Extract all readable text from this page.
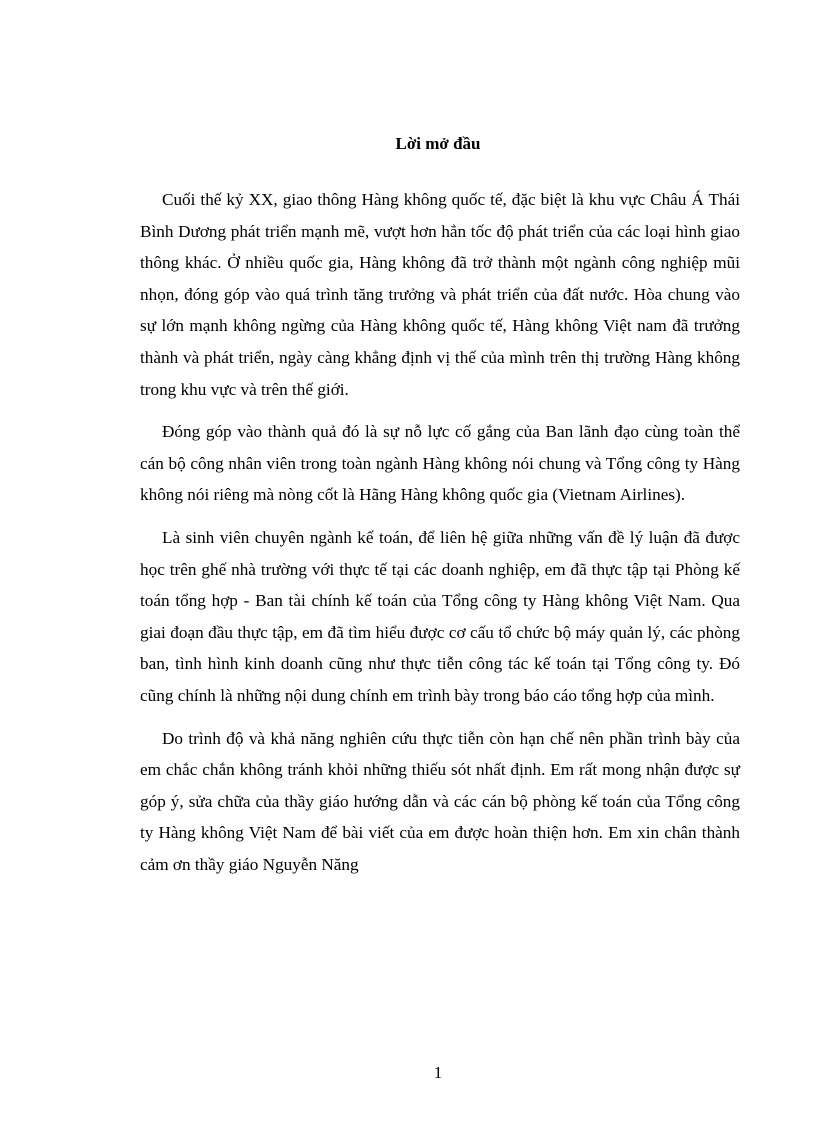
Lời mở đầu

Cuối thế kỷ XX, giao thông Hàng không quốc tế, đặc biệt là khu vực Châu Á Thái Bình Dương phát triển mạnh mẽ, vượt hơn hẳn tốc độ phát triển của các loại hình giao thông khác. Ở nhiều quốc gia, Hàng không đã trở thành một ngành công nghiệp mũi nhọn, đóng góp vào quá trình tăng trưởng và phát triển của đất nước. Hòa chung vào sự lớn mạnh không ngừng của Hàng không quốc tế, Hàng không Việt nam đã trưởng thành và phát triển, ngày càng khẳng định vị thế của mình trên thị trường Hàng không trong khu vực và trên thế giới.

Đóng góp vào thành quả đó là sự nỗ lực cố gắng của Ban lãnh đạo cùng toàn thể cán bộ công nhân viên trong toàn ngành Hàng không nói chung và Tổng công ty Hàng không nói riêng mà nòng cốt là Hãng Hàng không quốc gia (Vietnam Airlines).

Là sinh viên chuyên ngành kế toán, để liên hệ giữa những vấn đề lý luận đã được học trên ghế nhà trường với thực tế tại các doanh nghiệp, em đã thực tập tại Phòng kế toán tổng hợp - Ban tài chính kế toán của Tổng công ty Hàng không Việt Nam. Qua giai đoạn đầu thực tập, em đã tìm hiểu được cơ cấu tổ chức bộ máy quản lý, các phòng ban, tình hình kinh doanh cũng như thực tiễn công tác kế toán tại Tổng công ty. Đó cũng chính là những nội dung chính em trình bày trong báo cáo tổng hợp của mình.

Do trình độ và khả năng nghiên cứu thực tiễn còn hạn chế nên phần trình bày của em chắc chắn không tránh khỏi những thiếu sót nhất định. Em rất mong nhận được sự góp ý, sửa chữa của thầy giáo hướng dẫn và các cán bộ phòng kế toán của Tổng công ty Hàng không Việt Nam để bài viết của em được hoàn thiện hơn. Em xin chân thành cảm ơn thầy giáo Nguyễn Năng

1
